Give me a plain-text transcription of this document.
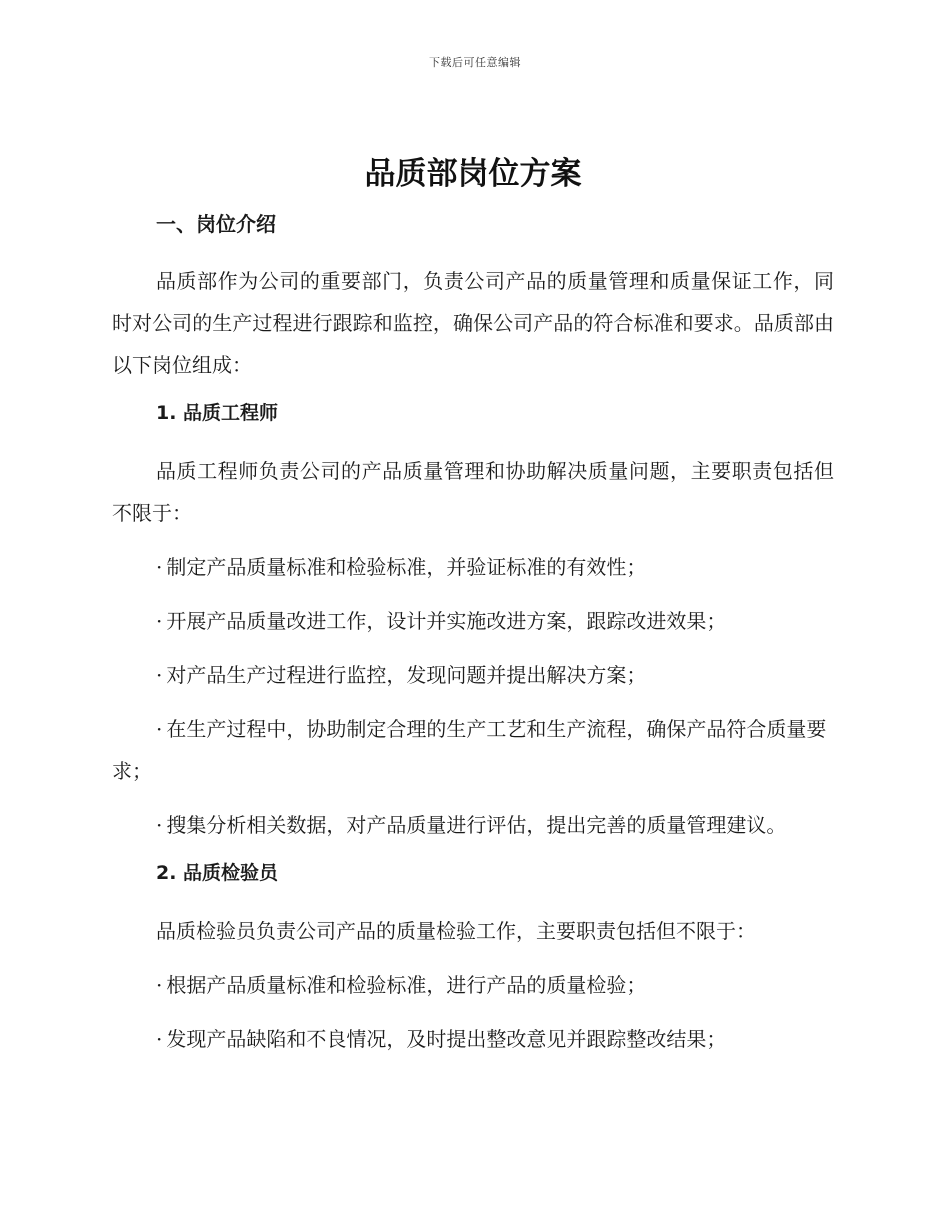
下载后可任意编辑
品质部岗位方案
一、岗位介绍

品质部作为公司的重要部门，负责公司产品的质量管理和质量保证工作，同时对公司的生产过程进行跟踪和监控，确保公司产品的符合标准和要求。品质部由以下岗位组成：

1. 品质工程师

品质工程师负责公司的产品质量管理和协助解决质量问题，主要职责包括但不限于：

· 制定产品质量标准和检验标准，并验证标准的有效性；

· 开展产品质量改进工作，设计并实施改进方案，跟踪改进效果；

· 对产品生产过程进行监控，发现问题并提出解决方案；

· 在生产过程中，协助制定合理的生产工艺和生产流程，确保产品符合质量要求；

· 搜集分析相关数据，对产品质量进行评估，提出完善的质量管理建议。

2. 品质检验员

品质检验员负责公司产品的质量检验工作，主要职责包括但不限于：

· 根据产品质量标准和检验标准，进行产品的质量检验；

· 发现产品缺陷和不良情况，及时提出整改意见并跟踪整改结果；
